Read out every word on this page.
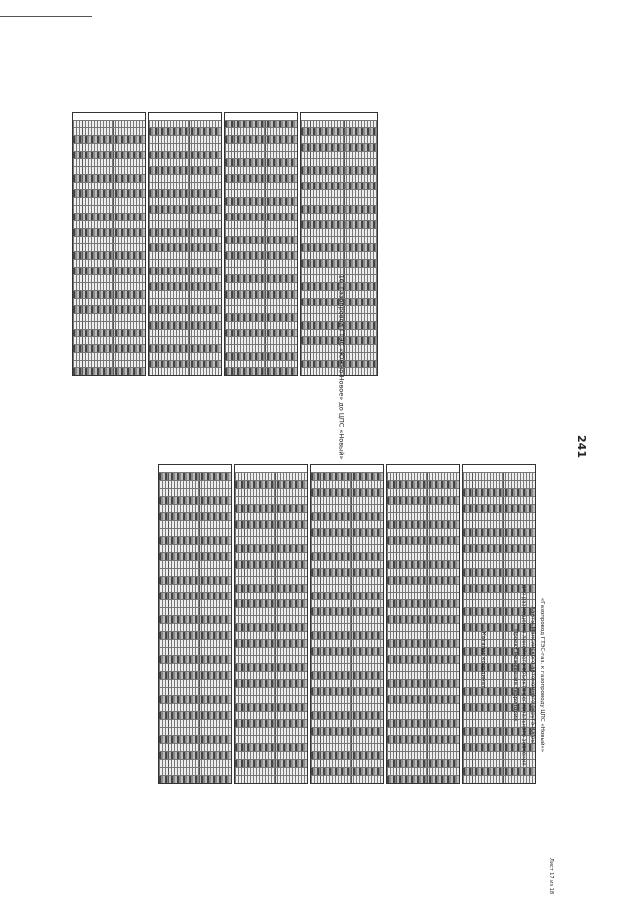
241
16. Газопровод ГТЭС «Южно-Новое» до ЦПС «Новый»
Каталог координат	Проект межевания территории для размещения линейного объекта регионального значения Ханты-Мансийского автономного округа-Югры «Газопровод ГТЭС-газ. к газопроводу ЦПС «Новый»»
Лист 17 из 18
